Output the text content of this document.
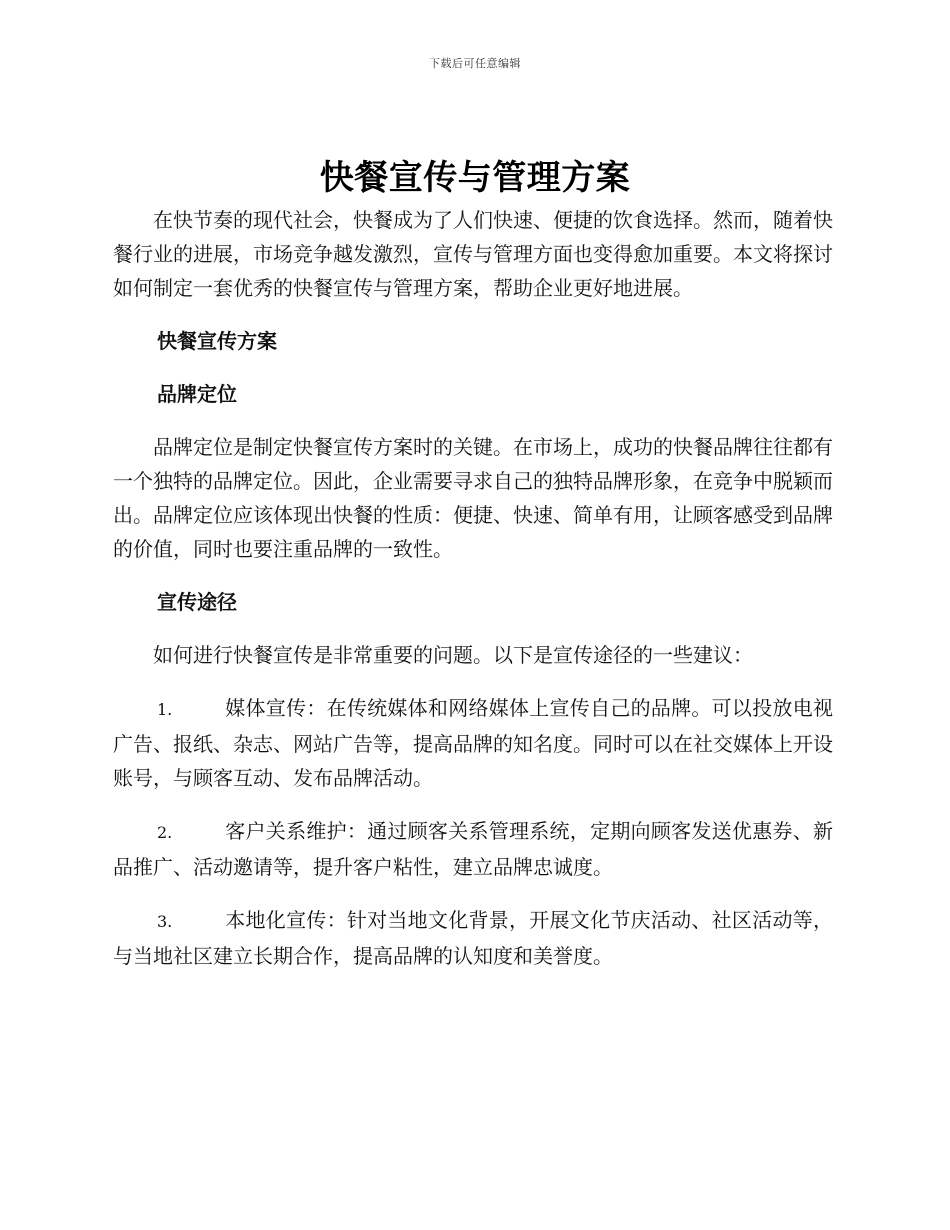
下载后可任意编辑
快餐宣传与管理方案

在快节奏的现代社会，快餐成为了人们快速、便捷的饮食选择。然而，随着快餐行业的进展，市场竞争越发激烈，宣传与管理方面也变得愈加重要。本文将探讨如何制定一套优秀的快餐宣传与管理方案，帮助企业更好地进展。

快餐宣传方案
品牌定位

品牌定位是制定快餐宣传方案时的关键。在市场上，成功的快餐品牌往往都有一个独特的品牌定位。因此，企业需要寻求自己的独特品牌形象，在竞争中脱颖而出。品牌定位应该体现出快餐的性质：便捷、快速、简单有用，让顾客感受到品牌的价值，同时也要注重品牌的一致性。

宣传途径

如何进行快餐宣传是非常重要的问题。以下是宣传途径的一些建议：

1.	媒体宣传：在传统媒体和网络媒体上宣传自己的品牌。可以投放电视广告、报纸、杂志、网站广告等，提高品牌的知名度。同时可以在社交媒体上开设账号，与顾客互动、发布品牌活动。

2.	客户关系维护：通过顾客关系管理系统，定期向顾客发送优惠券、新品推广、活动邀请等，提升客户粘性，建立品牌忠诚度。

3.	本地化宣传：针对当地文化背景，开展文化节庆活动、社区活动等，与当地社区建立长期合作，提高品牌的认知度和美誉度。
